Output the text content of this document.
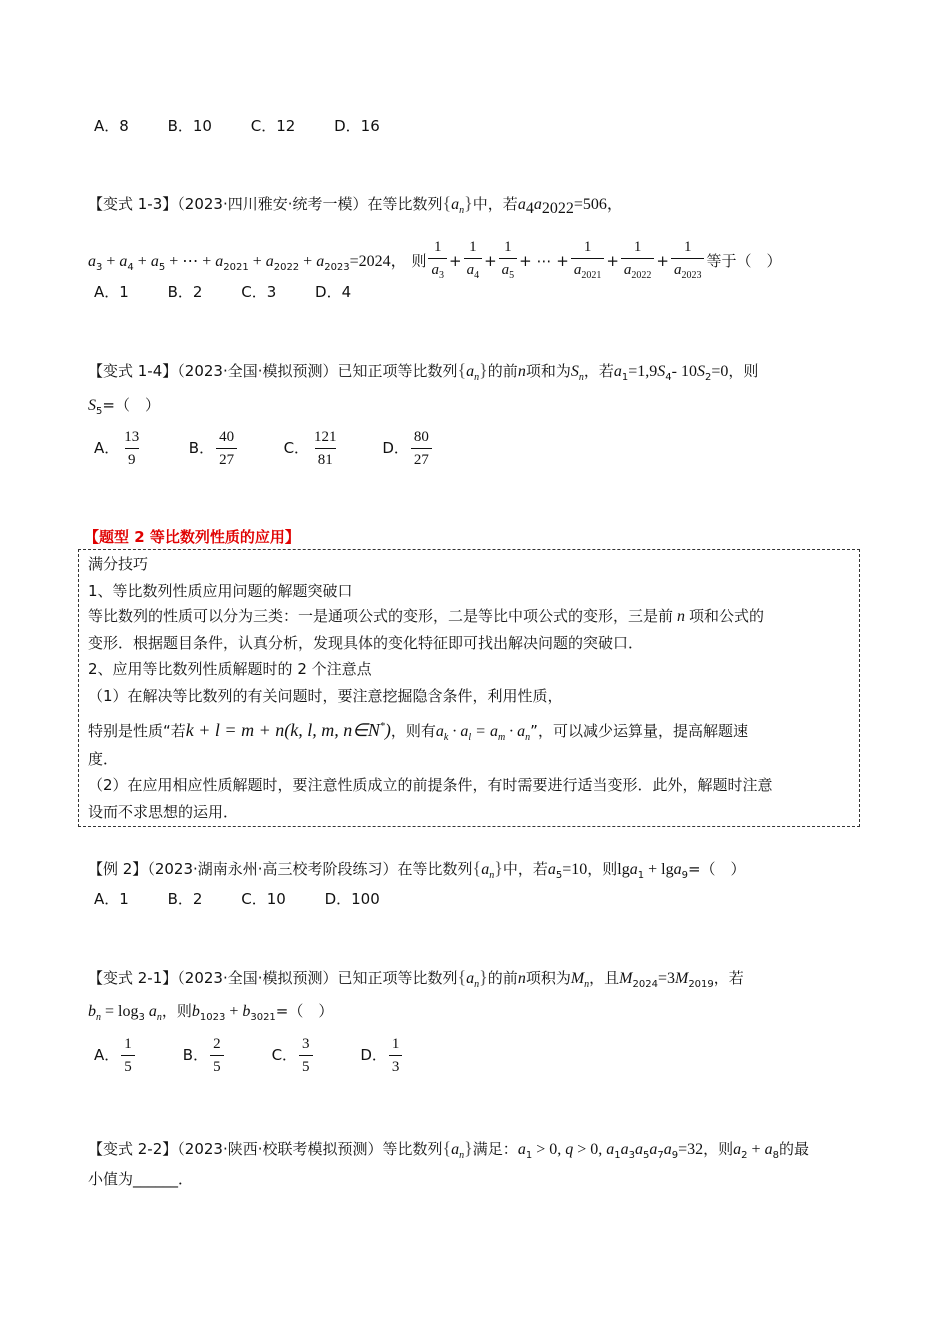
A．8	B．10	C．12	D．16
【变式 1-3】（2023·四川雅安·统考一模）在等比数列$\{a_n\}$中，若$a_4a_{2022}=506$，
$a_3 + a_4 + a_5$ + ⋯ + $a_{2021} + a_{2022} + a_{2023}=2024$， 则 $\frac{1}{a_3} + \frac{1}{a_4} + \frac{1}{a_5}$ + ⋯ + $\frac{1}{a_{2021}} + \frac{1}{a_{2022}} + \frac{1}{a_{2023}}$ 等于（　）
A．1	B．2	C．3	D．4
【变式 1-4】（2023·全国·模拟预测）已知正项等比数列$\{a_n\}$的前n项和为$S_n$，若$a_1=1,9S_4-$ $10S_2=0$，则
$S_5=$（　）
A． $\frac{13}{9}$	B． $\frac{40}{27}$	C． $\frac{121}{81}$	D． $\frac{80}{27}$
【题型 2 等比数列性质的应用】
满分技巧
1、等比数列性质应用问题的解题突破口
等比数列的性质可以分为三类：一是通项公式的变形，二是等比中项公式的变形，三是前 n 项和公式的
变形．根据题目条件，认真分析，发现具体的变化特征即可找出解决问题的突破口．
2、应用等比数列性质解题时的 2 个注意点
（1）在解决等比数列的有关问题时，要注意挖掘隐含条件，利用性质，
特别是性质“若k + l = m + n(k, l, m, n∈N*)，则有$a_k \cdot a_l = a_m \cdot a_n$”，可以减少运算量，提高解题速
度．
（2）在应用相应性质解题时，要注意性质成立的前提条件，有时需要进行适当变形．此外，解题时注意
设而不求思想的运用．
【例 2】（2023·湖南永州·高三校考阶段练习）在等比数列$\{a_n\}$中，若$a_5=10$，则lga$_1$ + lga$_9$=（　）
A．1	B．2	C．10	D．100
【变式 2-1】（2023·全国·模拟预测）已知正项等比数列$\{a_n\}$的前n项积为$M_n$，且$M_{2024}=3M_{2019}$，若
$b_n = \log_3 a_n$，则$b_{1023} + b_{3021}=$（　）
A． $\frac{1}{5}$	B． $\frac{2}{5}$	C． $\frac{3}{5}$	D． $\frac{1}{3}$
【变式 2-2】（2023·陕西·校联考模拟预测）等比数列$\{a_n\}$满足：$a_1 > 0$, q > 0, $a_1a_3a_5a_7a_9=32$，则$a_2 + a_8$的最
小值为______．
